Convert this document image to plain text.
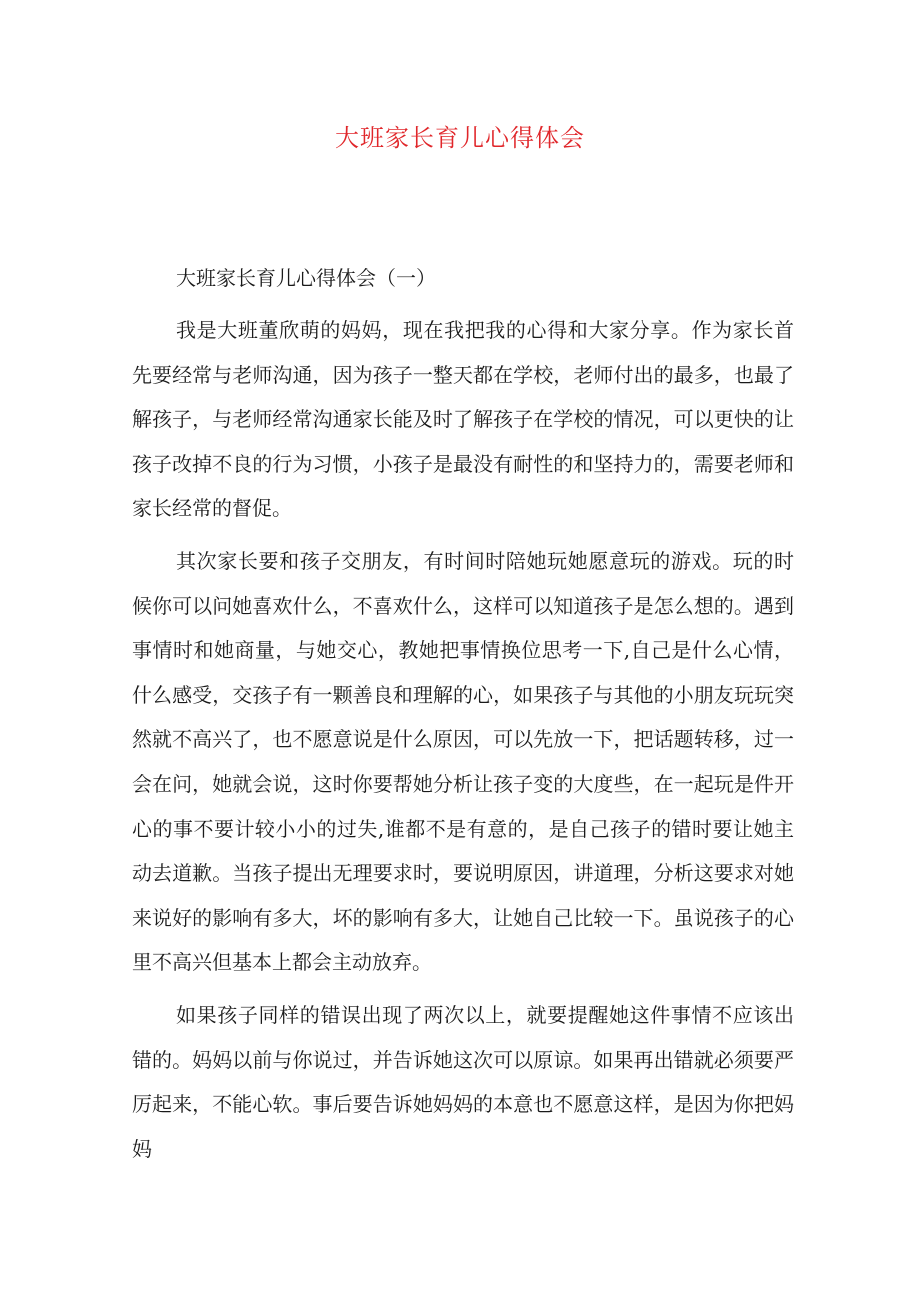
大班家长育儿心得体会

大班家长育儿心得体会（一）

我是大班董欣萌的妈妈，现在我把我的心得和大家分享。作为家长首先要经常与老师沟通，因为孩子一整天都在学校，老师付出的最多，也最了解孩子，与老师经常沟通家长能及时了解孩子在学校的情况，可以更快的让孩子改掉不良的行为习惯，小孩子是最没有耐性的和坚持力的，需要老师和家长经常的督促。

其次家长要和孩子交朋友，有时间时陪她玩她愿意玩的游戏。玩的时候你可以问她喜欢什么，不喜欢什么，这样可以知道孩子是怎么想的。遇到事情时和她商量，与她交心，教她把事情换位思考一下,自己是什么心情，什么感受，交孩子有一颗善良和理解的心，如果孩子与其他的小朋友玩玩突然就不高兴了，也不愿意说是什么原因，可以先放一下，把话题转移，过一会在问，她就会说，这时你要帮她分析让孩子变的大度些，在一起玩是件开心的事不要计较小小的过失,谁都不是有意的，是自己孩子的错时要让她主动去道歉。当孩子提出无理要求时，要说明原因，讲道理，分析这要求对她来说好的影响有多大，坏的影响有多大，让她自己比较一下。虽说孩子的心里不高兴但基本上都会主动放弃。

如果孩子同样的错误出现了两次以上，就要提醒她这件事情不应该出错的。妈妈以前与你说过，并告诉她这次可以原谅。如果再出错就必须要严厉起来，不能心软。事后要告诉她妈妈的本意也不愿意这样，是因为你把妈妈
